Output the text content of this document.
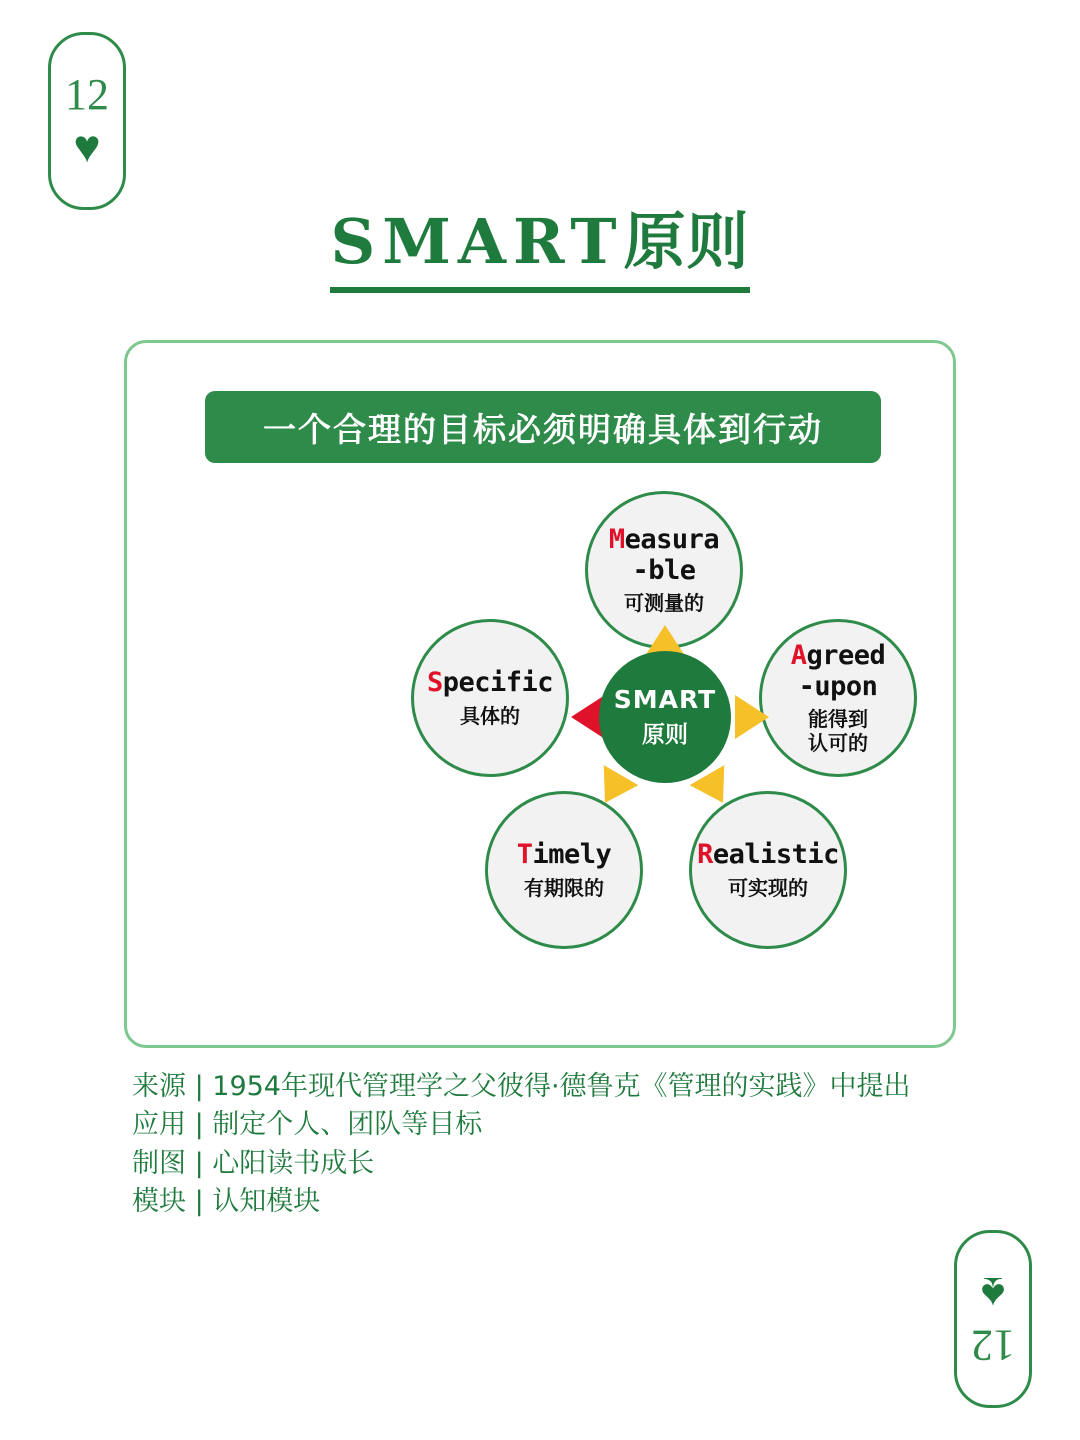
12
♥
SMART原则
一个合理的目标必须明确具体到行动
Measura
-ble
可测量的
Specific
具体的
Agreed
-upon
能得到
认可的
Timely
有期限的
Realistic
可实现的
SMART
原则
来源 | 1954年现代管理学之父彼得·德鲁克《管理的实践》中提出
应用 | 制定个人、团队等目标
制图 | 心阳读书成长
模块 | 认知模块
12
♠
